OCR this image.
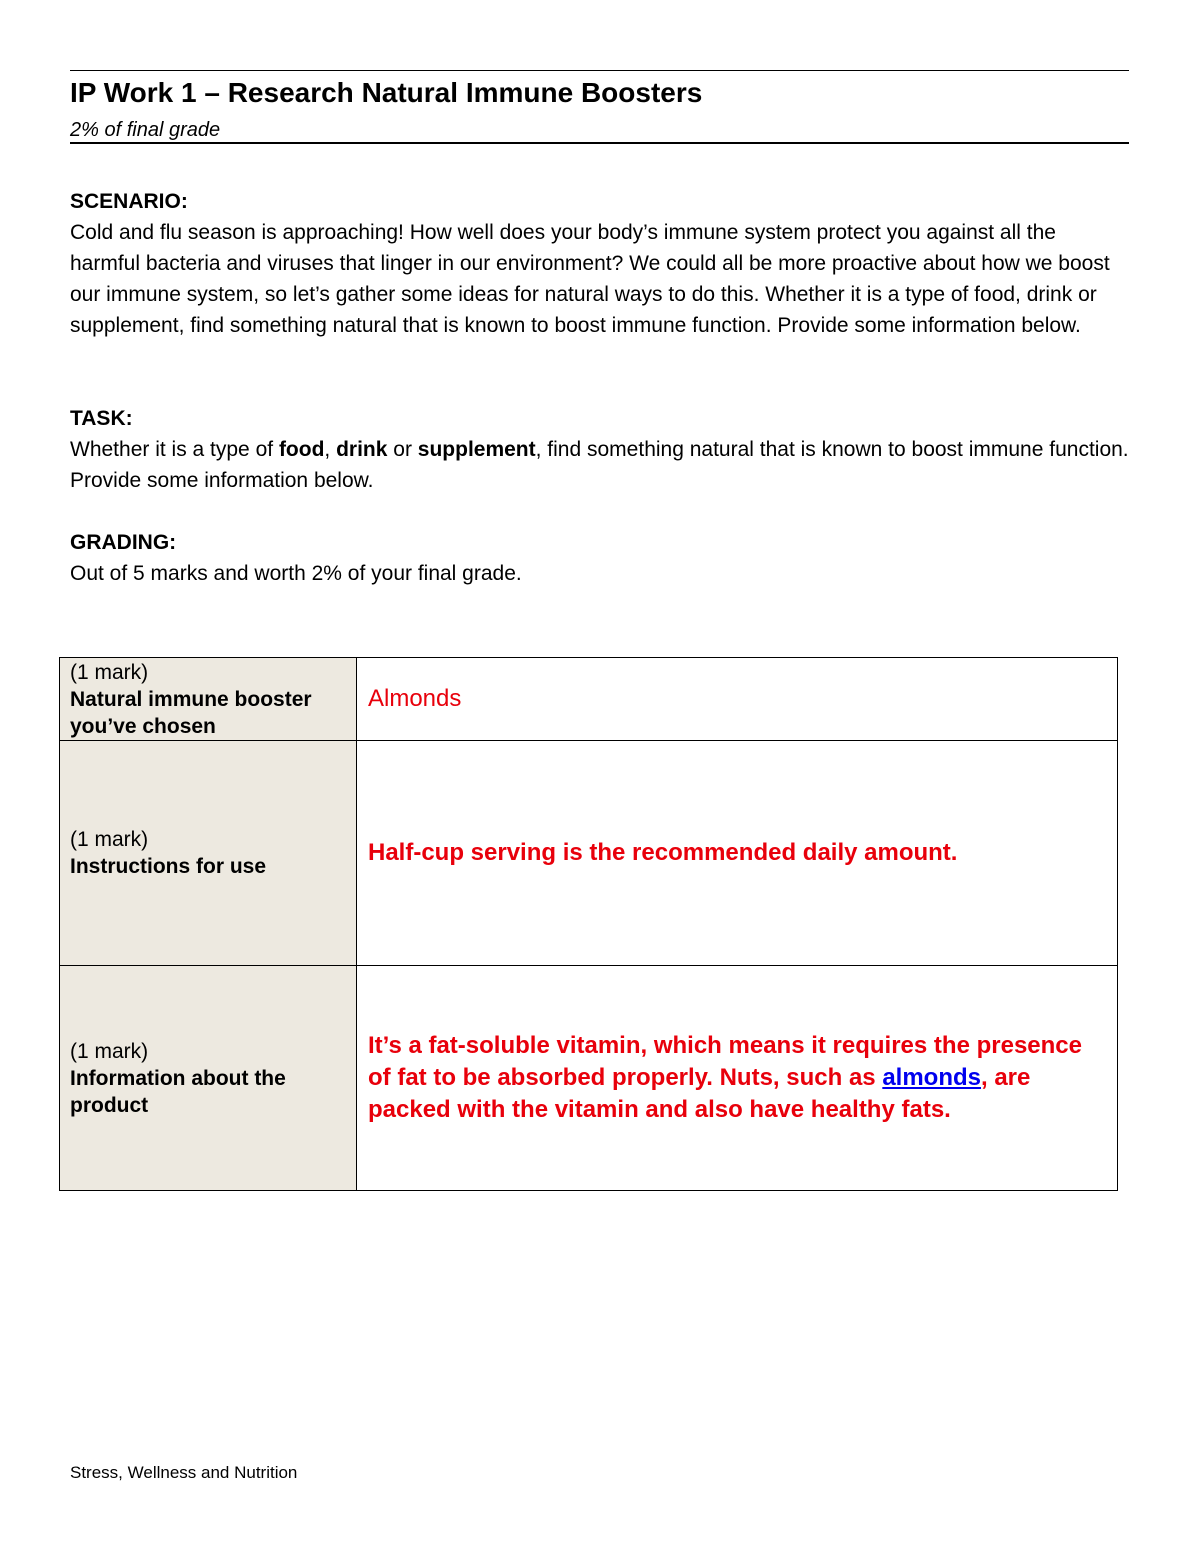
IP Work 1 – Research Natural Immune Boosters
2% of final grade
SCENARIO:

Cold and flu season is approaching! How well does your body’s immune system protect you against all the harmful bacteria and viruses that linger in our environment? We could all be more proactive about how we boost our immune system, so let’s gather some ideas for natural ways to do this. Whether it is a type of food, drink or supplement, find something natural that is known to boost immune function. Provide some information below.

TASK:

Whether it is a type of food, drink or supplement, find something natural that is known to boost immune function. Provide some information below.

GRADING:

Out of 5 marks and worth 2% of your final grade.

(1 mark)
Natural immune booster you’ve chosen	Almonds
(1 mark)
Instructions for use	Half-cup serving is the recommended daily amount.
(1 mark)
Information about the product	It’s a fat-soluble vitamin, which means it requires the presence of fat to be absorbed properly. Nuts, such as almonds, are packed with the vitamin and also have healthy fats.
Stress, Wellness and Nutrition
